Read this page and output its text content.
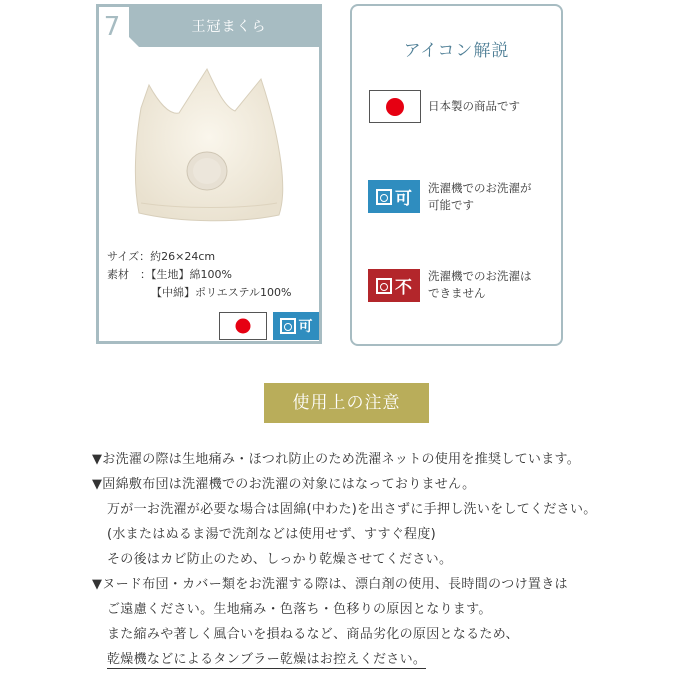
7	王冠まくら
サイズ：約26×24cm
素材　：【生地】綿100%
【中綿】ポリエステル100%
可
アイコン解説
日本製の商品です
可
洗濯機でのお洗濯が
可能です
不
洗濯機でのお洗濯は
できません
使用上の注意
▼お洗濯の際は生地痛み・ほつれ防止のため洗濯ネットの使用を推奨しています。
▼固綿敷布団は洗濯機でのお洗濯の対象にはなっておりません。
万が一お洗濯が必要な場合は固綿(中わた)を出さずに手押し洗いをしてください。
(水またはぬるま湯で洗剤などは使用せず、すすぐ程度)
その後はカビ防止のため、しっかり乾燥させてください。
▼ヌード布団・カバー類をお洗濯する際は、漂白剤の使用、長時間のつけ置きは
ご遠慮ください。生地痛み・色落ち・色移りの原因となります。
また縮みや著しく風合いを損ねるなど、商品劣化の原因となるため、
乾燥機などによるタンブラー乾燥はお控えください。
